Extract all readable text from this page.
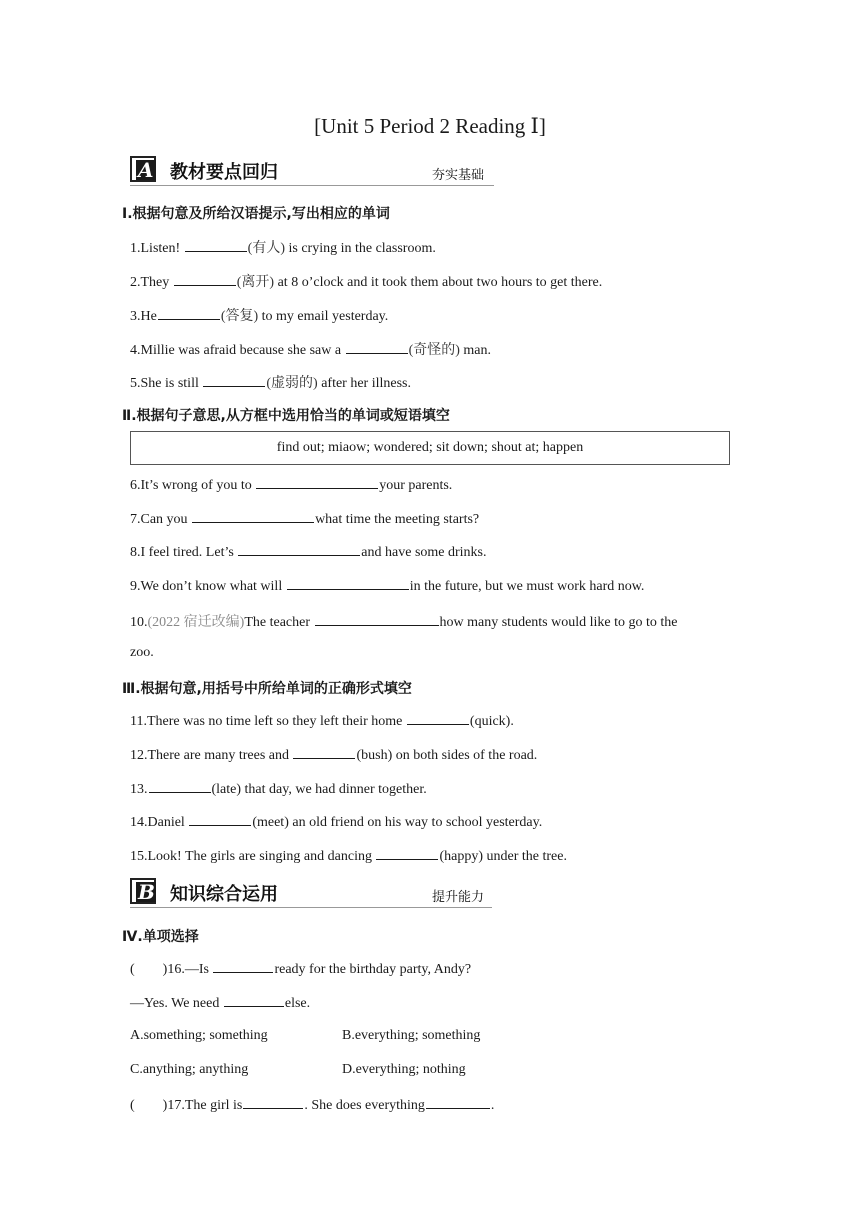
[Unit 5 Period 2 Reading Ⅰ]
A 教材要点回归	夯实基础
Ⅰ.根据句意及所给汉语提示,写出相应的单词
1.Listen!	(有人) is crying in the classroom.
2.They	(离开) at 8 o’clock and it took them about two hours to get there.
3.He	(答复) to my email yesterday.
4.Millie was afraid because she saw a	(奇怪的) man.
5.She is still	(虚弱的) after her illness.
Ⅱ.根据句子意思,从方框中选用恰当的单词或短语填空
find out; miaow; wondered; sit down; shout at; happen
6.It’s wrong of you to	your parents.
7.Can you	what time the meeting starts?
8.I feel tired. Let’s	and have some drinks.
9.We don’t know what will	in the future, but we must work hard now.
10.(2022 宿迁改编)The teacher	how many students would like to go to the
zoo.
Ⅲ.根据句意,用括号中所给单词的正确形式填空
11.There was no time left so they left their home	(quick).
12.There are many trees and	(bush) on both sides of the road.
13.	(late) that day, we had dinner together.
14.Daniel	(meet) an old friend on his way to school yesterday.
15.Look! The girls are singing and dancing	(happy) under the tree.
B 知识综合运用	提升能力
Ⅳ.单项选择
(        )16.—Is	ready for the birthday party, Andy?
—Yes. We need	else.
A.something; something	B.everything; something
C.anything; anything	D.everything; nothing
(        )17.The girl is	. She does everything	.
